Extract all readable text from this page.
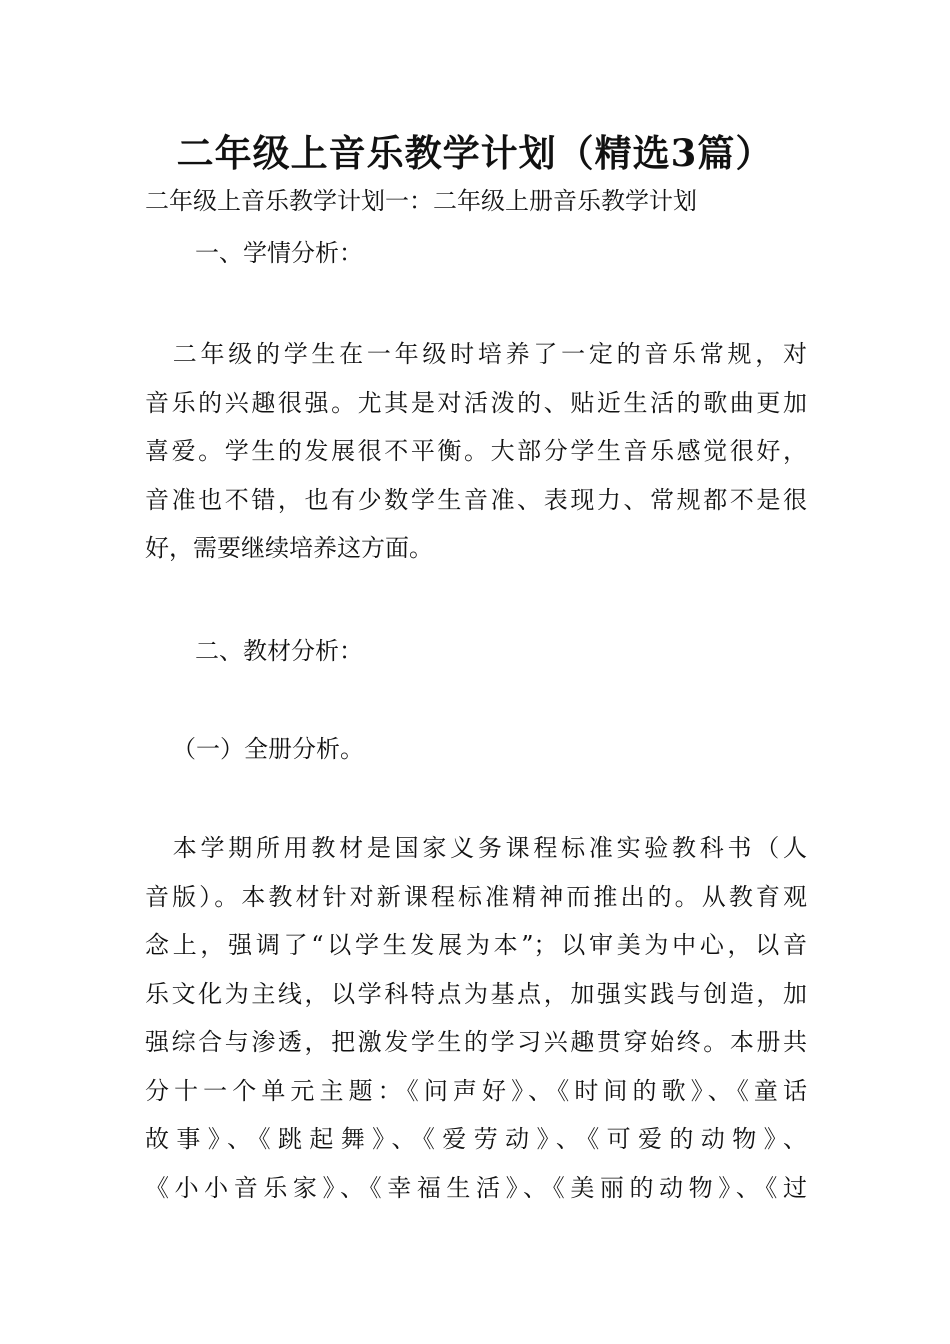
二年级上音乐教学计划（精选3篇）
二年级上音乐教学计划一：二年级上册音乐教学计划
一、学情分析：
　二年级的学生在一年级时培养了一定的音乐常规，对
音乐的兴趣很强。尤其是对活泼的、贴近生活的歌曲更加
喜爱。学生的发展很不平衡。大部分学生音乐感觉很好，
音准也不错，也有少数学生音准、表现力、常规都不是很
好，需要继续培养这方面。
二、教材分析：
（一）全册分析。
　本学期所用教材是国家义务课程标准实验教科书（人
音版）。本教材针对新课程标准精神而推出的。从教育观
念上，强调了“以学生发展为本”；以审美为中心，以音
乐文化为主线，以学科特点为基点，加强实践与创造，加
强综合与渗透，把激发学生的学习兴趣贯穿始终。本册共
分十一个单元主题：《问声好》、《时间的歌》、《童话
故事》、《跳起舞》、《爱劳动》、《可爱的动物》、
《小小音乐家》、《幸福生活》、《美丽的动物》、《过
